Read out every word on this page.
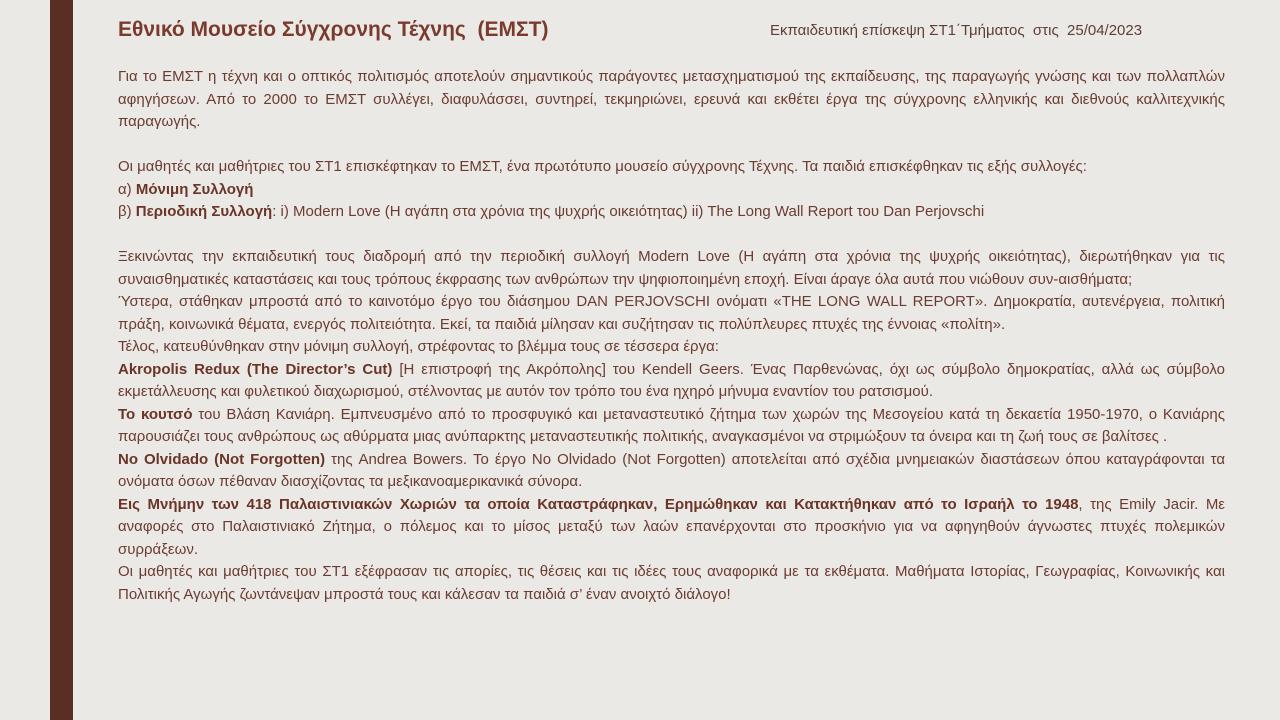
Εθνικό Μουσείο Σύγχρονης Τέχνης  (ΕΜΣΤ)	Εκπαιδευτική επίσκεψη ΣΤ1΄Τμήματος  στις  25/04/2023

Για το ΕΜΣΤ η τέχνη και ο οπτικός πολιτισμός αποτελούν σημαντικούς παράγοντες μετασχηματισμού της εκπαίδευσης, της παραγωγής γνώσης και των πολλαπλών αφηγήσεων. Από το 2000 το ΕΜΣΤ συλλέγει, διαφυλάσσει, συντηρεί, τεκμηριώνει, ερευνά και εκθέτει έργα της σύγχρονης ελληνικής και διεθνούς καλλιτεχνικής παραγωγής.

Οι μαθητές και μαθήτριες του ΣΤ1 επισκέφτηκαν το ΕΜΣΤ, ένα πρωτότυπο μουσείο σύγχρονης Τέχνης. Τα παιδιά επισκέφθηκαν τις εξής συλλογές:

α) Μόνιμη Συλλογή

β) Περιοδική Συλλογή: i) Modern Love (Η αγάπη στα χρόνια της ψυχρής οικειότητας) ii) The Long Wall Report του Dan Perjovschi

Ξεκινώντας την εκπαιδευτική τους διαδρομή από την περιοδική συλλογή Modern Love (Η αγάπη στα χρόνια της ψυχρής οικειότητας), διερωτήθηκαν για τις συναισθηματικές καταστάσεις και τους τρόπους έκφρασης των ανθρώπων την ψηφιοποιημένη εποχή. Είναι άραγε όλα αυτά που νιώθουν συν-αισθήματα;

Ύστερα, στάθηκαν μπροστά από το καινοτόμο έργο του διάσημου DAN PERJOVSCHI ονόματι «THE LONG WALL REPORT». Δημοκρατία, αυτενέργεια, πολιτική πράξη, κοινωνικά θέματα, ενεργός πολιτειότητα. Εκεί, τα παιδιά μίλησαν και συζήτησαν τις πολύπλευρες πτυχές της έννοιας «πολίτη».

Τέλος, κατευθύνθηκαν στην μόνιμη συλλογή, στρέφοντας το βλέμμα τους σε τέσσερα έργα:

Akropolis Redux (The Director’s Cut) [Η επιστροφή της Ακρόπολης] του Kendell Geers. Ένας Παρθενώνας, όχι ως σύμβολο δημοκρατίας, αλλά ως σύμβολο εκμετάλλευσης και φυλετικού διαχωρισμού, στέλνοντας με αυτόν τον τρόπο του ένα ηχηρό μήνυμα εναντίον του ρατσισμού.

Το κουτσό του Βλάση Κανιάρη. Εμπνευσμένο από το προσφυγικό και μεταναστευτικό ζήτημα των χωρών της Μεσογείου κατά τη δεκαετία 1950-1970, ο Κανιάρης παρουσιάζει τους ανθρώπους ως αθύρματα μιας ανύπαρκτης μεταναστευτικής πολιτικής, αναγκασμένοι να στριμώξουν τα όνειρα και τη ζωή τους σε βαλίτσες .

No Olvidado (Not Forgotten) της Andrea Bowers. Το έργο No Olvidado (Not Forgotten) αποτελείται από σχέδια μνημειακών διαστάσεων όπου καταγράφονται τα ονόματα όσων πέθαναν διασχίζοντας τα μεξικανοαμερικανικά σύνορα.

Εις Μνήμην των 418 Παλαιστινιακών Χωριών τα οποία Καταστράφηκαν, Ερημώθηκαν και Κατακτήθηκαν από το Ισραήλ το 1948, της Emily Jacir. Με αναφορές στο Παλαιστινιακό Ζήτημα, ο πόλεμος και το μίσος μεταξύ των λαών επανέρχονται στο προσκήνιο για να αφηγηθούν άγνωστες πτυχές πολεμικών συρράξεων.

Οι μαθητές και μαθήτριες του ΣΤ1 εξέφρασαν τις απορίες, τις θέσεις και τις ιδέες τους αναφορικά με τα εκθέματα. Μαθήματα Ιστορίας, Γεωγραφίας, Κοινωνικής και Πολιτικής Αγωγής ζωντάνεψαν μπροστά τους και κάλεσαν τα παιδιά σ’ έναν ανοιχτό διάλογο!
